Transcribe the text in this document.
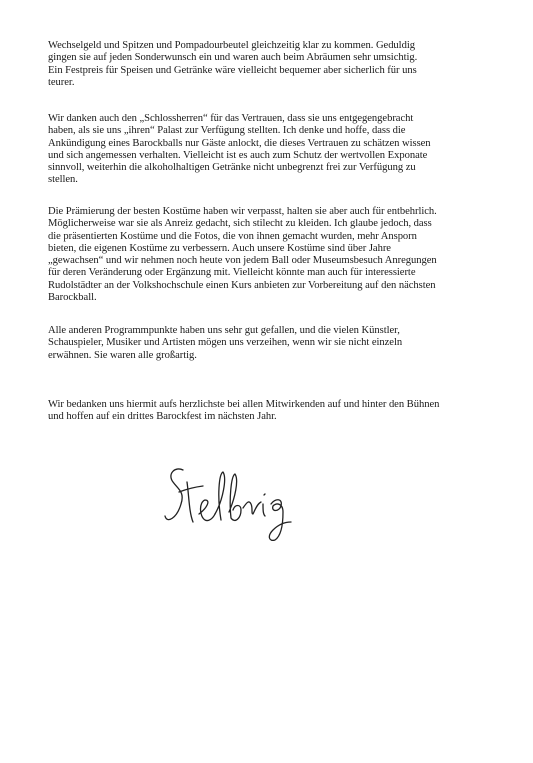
Wechselgeld und Spitzen und Pompadourbeutel gleichzeitig klar zu kommen. Geduldig
gingen sie auf jeden Sonderwunsch ein und waren auch beim Abräumen sehr umsichtig.
Ein Festpreis für Speisen und Getränke wäre vielleicht bequemer aber sicherlich für uns
teurer.

Wir danken auch den „Schlossherren“ für das Vertrauen, dass sie uns entgegengebracht
haben, als sie uns „ihren“ Palast zur Verfügung stellten. Ich denke und hoffe, dass die
Ankündigung eines Barockballs nur Gäste anlockt, die dieses Vertrauen zu schätzen wissen
und sich angemessen verhalten. Vielleicht ist es auch zum Schutz der wertvollen Exponate
sinnvoll, weiterhin die alkoholhaltigen Getränke nicht unbegrenzt frei zur Verfügung zu
stellen.

Die Prämierung der besten Kostüme haben wir verpasst, halten sie aber auch für entbehrlich.
Möglicherweise war sie als Anreiz gedacht, sich stilecht zu kleiden. Ich glaube jedoch, dass
die präsentierten Kostüme und die Fotos, die von ihnen gemacht wurden, mehr Ansporn
bieten, die eigenen Kostüme zu verbessern. Auch unsere Kostüme sind über Jahre
„gewachsen“ und wir nehmen noch heute von jedem Ball oder Museumsbesuch Anregungen
für deren Veränderung oder Ergänzung mit. Vielleicht könnte man auch für interessierte
Rudolstädter an der Volkshochschule einen Kurs anbieten zur Vorbereitung auf den nächsten
Barockball.

Alle anderen Programmpunkte haben uns sehr gut gefallen, und die vielen Künstler,
Schauspieler, Musiker und Artisten mögen uns verzeihen, wenn wir sie nicht einzeln
erwähnen. Sie waren alle großartig.

Wir bedanken uns hiermit aufs herzlichste bei allen Mitwirkenden auf und hinter den Bühnen
und hoffen auf ein drittes Barockfest im nächsten Jahr.
